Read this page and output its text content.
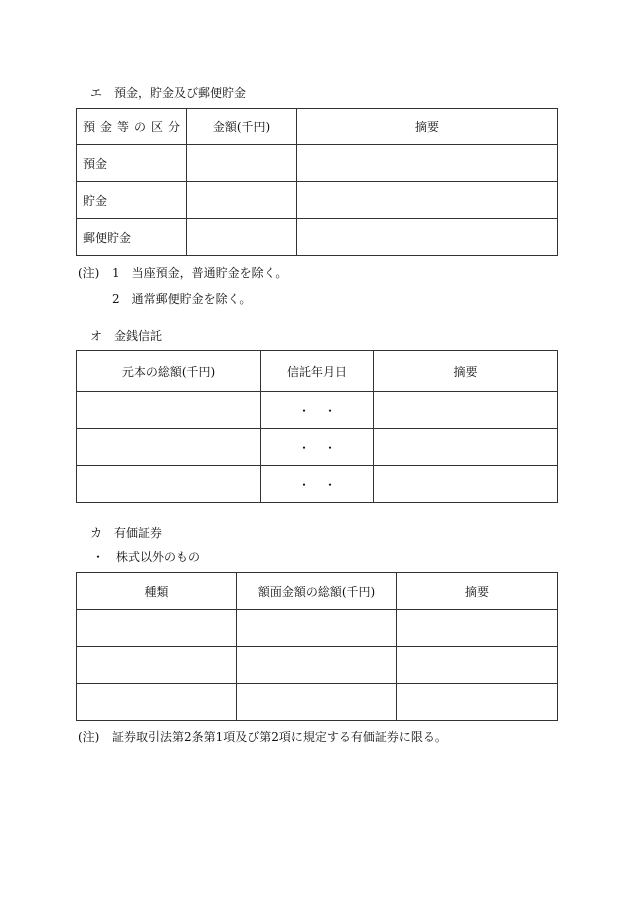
エ　預金，貯金及び郵便貯金
預金等の区分	金額(千円)	摘要
預金		
貯金		
郵便貯金		
(注) 1　当座預金，普通貯金を除く。
2　通常郵便貯金を除く。
オ　金銭信託
元本の総額(千円)	信託年月日	摘要
	・・	
	・・	
	・・	
カ　有価証券
・　株式以外のもの
種類	額面金額の総額(千円)	摘要

(注) 証券取引法第2条第1項及び第2項に規定する有価証券に限る。
